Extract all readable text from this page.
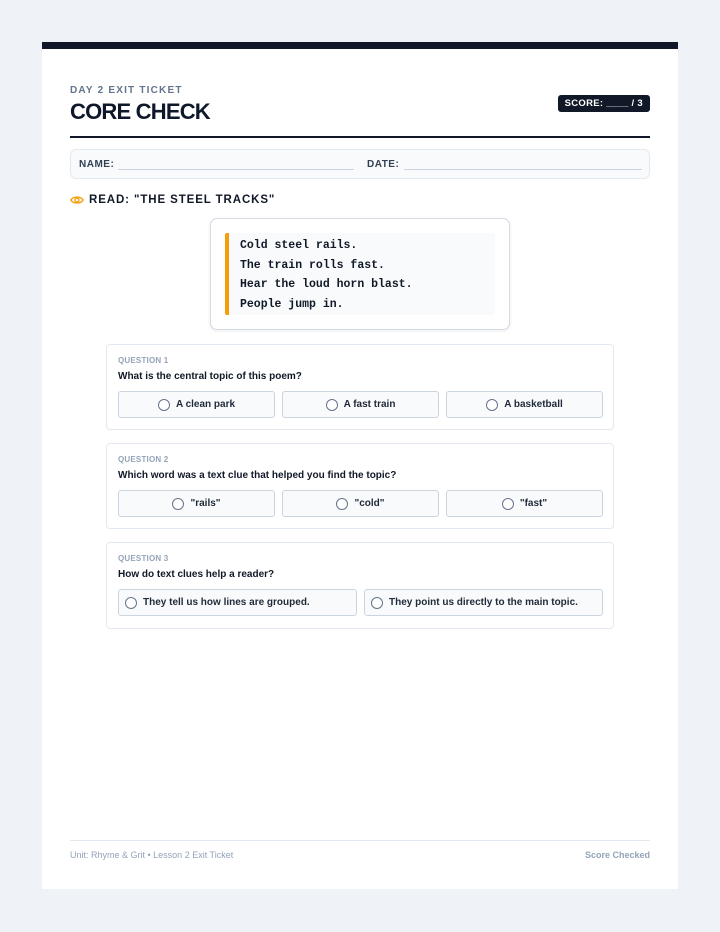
DAY 2 EXIT TICKET
CORE CHECK	SCORE: ____ / 3
NAME:	DATE:
READ: "THE STEEL TRACKS"
Cold steel rails.
The train rolls fast.
Hear the loud horn blast.
People jump in.
QUESTION 1
What is the central topic of this poem?
A clean park	A fast train	A basketball
QUESTION 2
Which word was a text clue that helped you find the topic?
"rails"	"cold"	"fast"
QUESTION 3
How do text clues help a reader?
They tell us how lines are grouped.	They point us directly to the main topic.
Unit: Rhyme & Grit • Lesson 2 Exit Ticket	Score Checked
